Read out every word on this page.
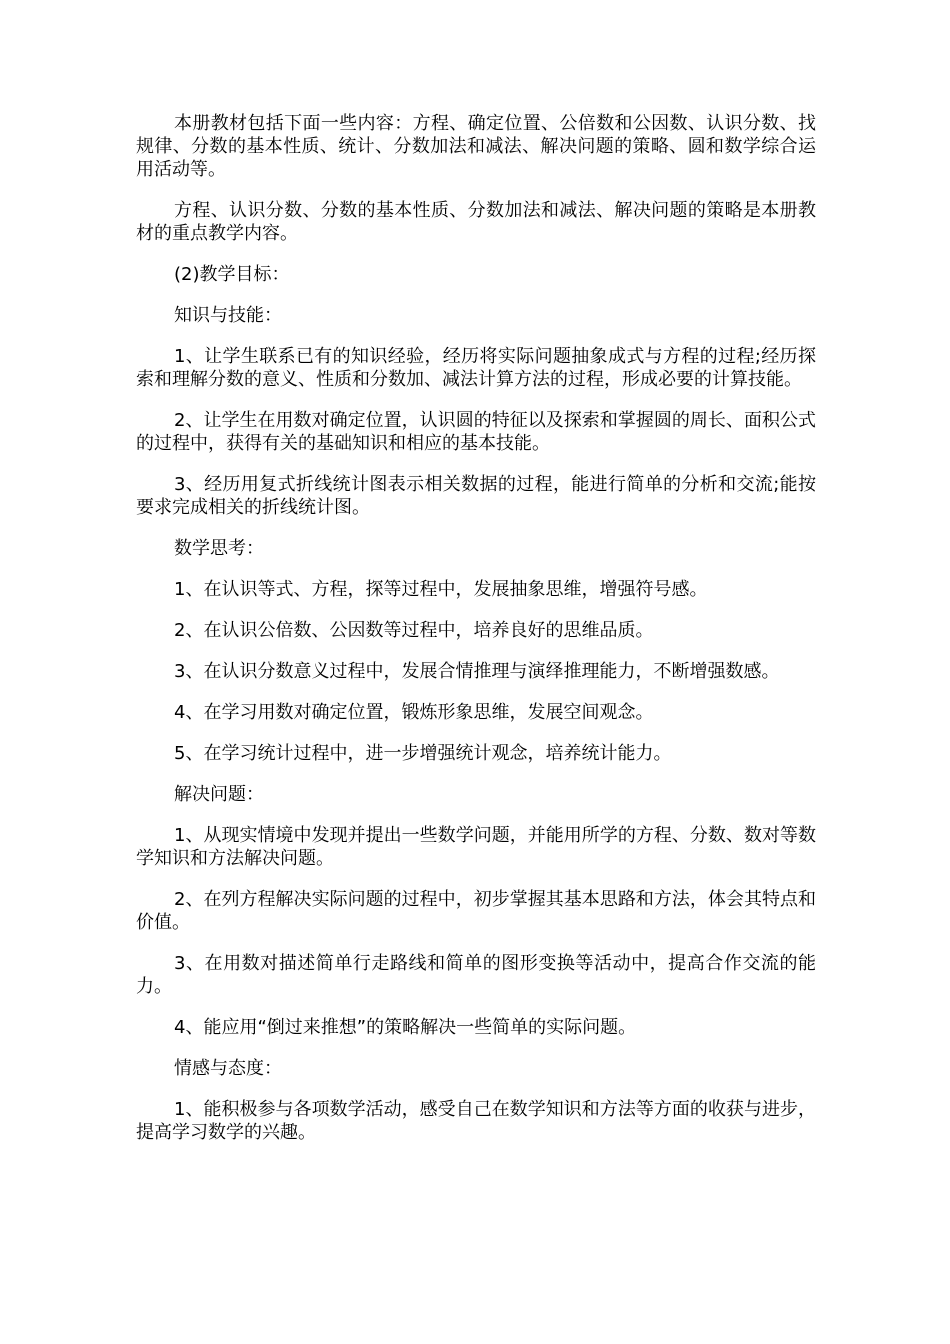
本册教材包括下面一些内容：方程、确定位置、公倍数和公因数、认识分数、找规律、分数的基本性质、统计、分数加法和减法、解决问题的策略、圆和数学综合运用活动等。

方程、认识分数、分数的基本性质、分数加法和减法、解决问题的策略是本册教材的重点教学内容。

(2)教学目标：

知识与技能：

1、让学生联系已有的知识经验，经历将实际问题抽象成式与方程的过程;经历探索和理解分数的意义、性质和分数加、减法计算方法的过程，形成必要的计算技能。

2、让学生在用数对确定位置，认识圆的特征以及探索和掌握圆的周长、面积公式的过程中，获得有关的基础知识和相应的基本技能。

3、经历用复式折线统计图表示相关数据的过程，能进行简单的分析和交流;能按要求完成相关的折线统计图。

数学思考：

1、在认识等式、方程，探等过程中，发展抽象思维，增强符号感。

2、在认识公倍数、公因数等过程中，培养良好的思维品质。

3、在认识分数意义过程中，发展合情推理与演绎推理能力，不断增强数感。

4、在学习用数对确定位置，锻炼形象思维，发展空间观念。

5、在学习统计过程中，进一步增强统计观念，培养统计能力。

解决问题：

1、从现实情境中发现并提出一些数学问题，并能用所学的方程、分数、数对等数学知识和方法解决问题。

2、在列方程解决实际问题的过程中，初步掌握其基本思路和方法，体会其特点和价值。

3、在用数对描述简单行走路线和简单的图形变换等活动中，提高合作交流的能力。

4、能应用“倒过来推想”的策略解决一些简单的实际问题。

情感与态度：

1、能积极参与各项数学活动，感受自己在数学知识和方法等方面的收获与进步，提高学习数学的兴趣。
